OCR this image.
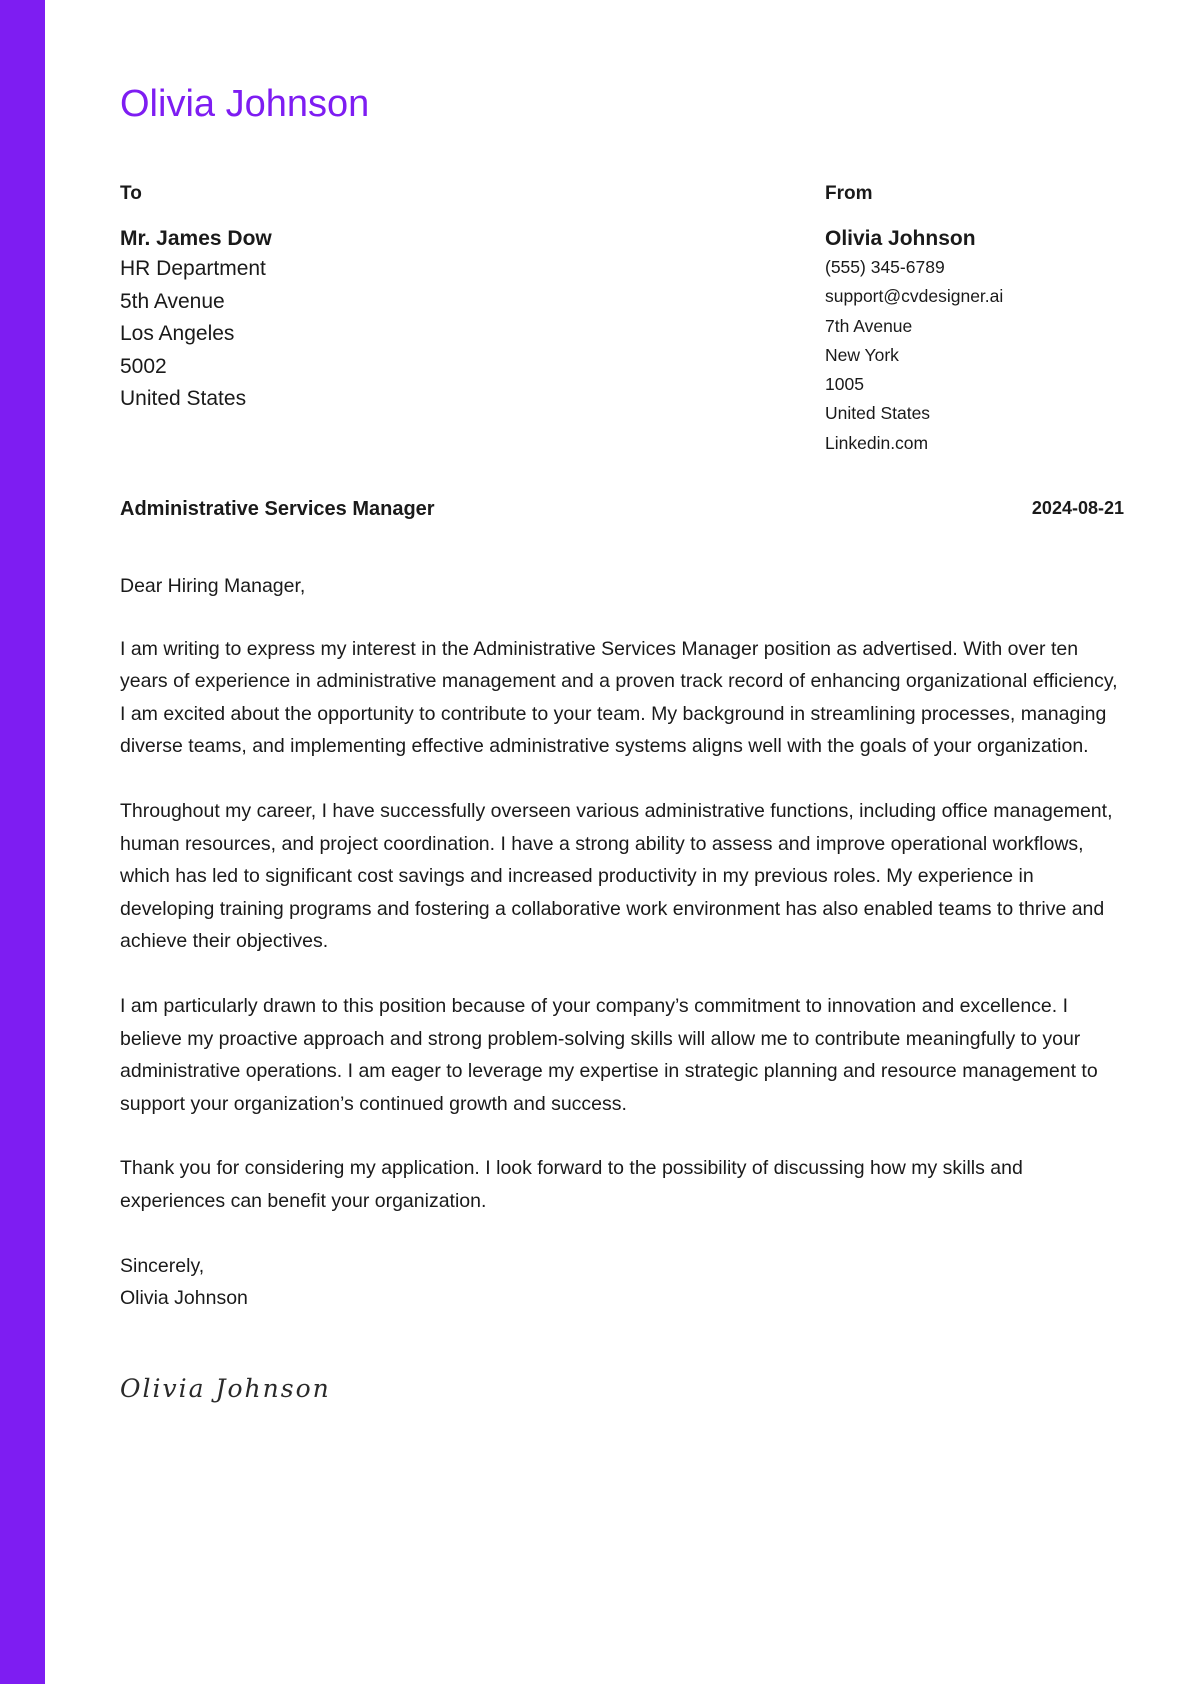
Olivia Johnson
To
Mr. James Dow
HR Department
5th Avenue
Los Angeles
5002
United States
From
Olivia Johnson
(555) 345-6789
support@cvdesigner.ai
7th Avenue
New York
1005
United States
Linkedin.com
Administrative Services Manager	2024-08-21

Dear Hiring Manager,

I am writing to express my interest in the Administrative Services Manager position as advertised. With over ten years of experience in administrative management and a proven track record of enhancing organizational efficiency, I am excited about the opportunity to contribute to your team. My background in streamlining processes, managing diverse teams, and implementing effective administrative systems aligns well with the goals of your organization.

Throughout my career, I have successfully overseen various administrative functions, including office management, human resources, and project coordination. I have a strong ability to assess and improve operational workflows, which has led to significant cost savings and increased productivity in my previous roles. My experience in developing training programs and fostering a collaborative work environment has also enabled teams to thrive and achieve their objectives.

I am particularly drawn to this position because of your company’s commitment to innovation and excellence. I believe my proactive approach and strong problem-solving skills will allow me to contribute meaningfully to your administrative operations. I am eager to leverage my expertise in strategic planning and resource management to support your organization’s continued growth and success.

Thank you for considering my application. I look forward to the possibility of discussing how my skills and experiences can benefit your organization.

Sincerely,
Olivia Johnson
Olivia Johnson
